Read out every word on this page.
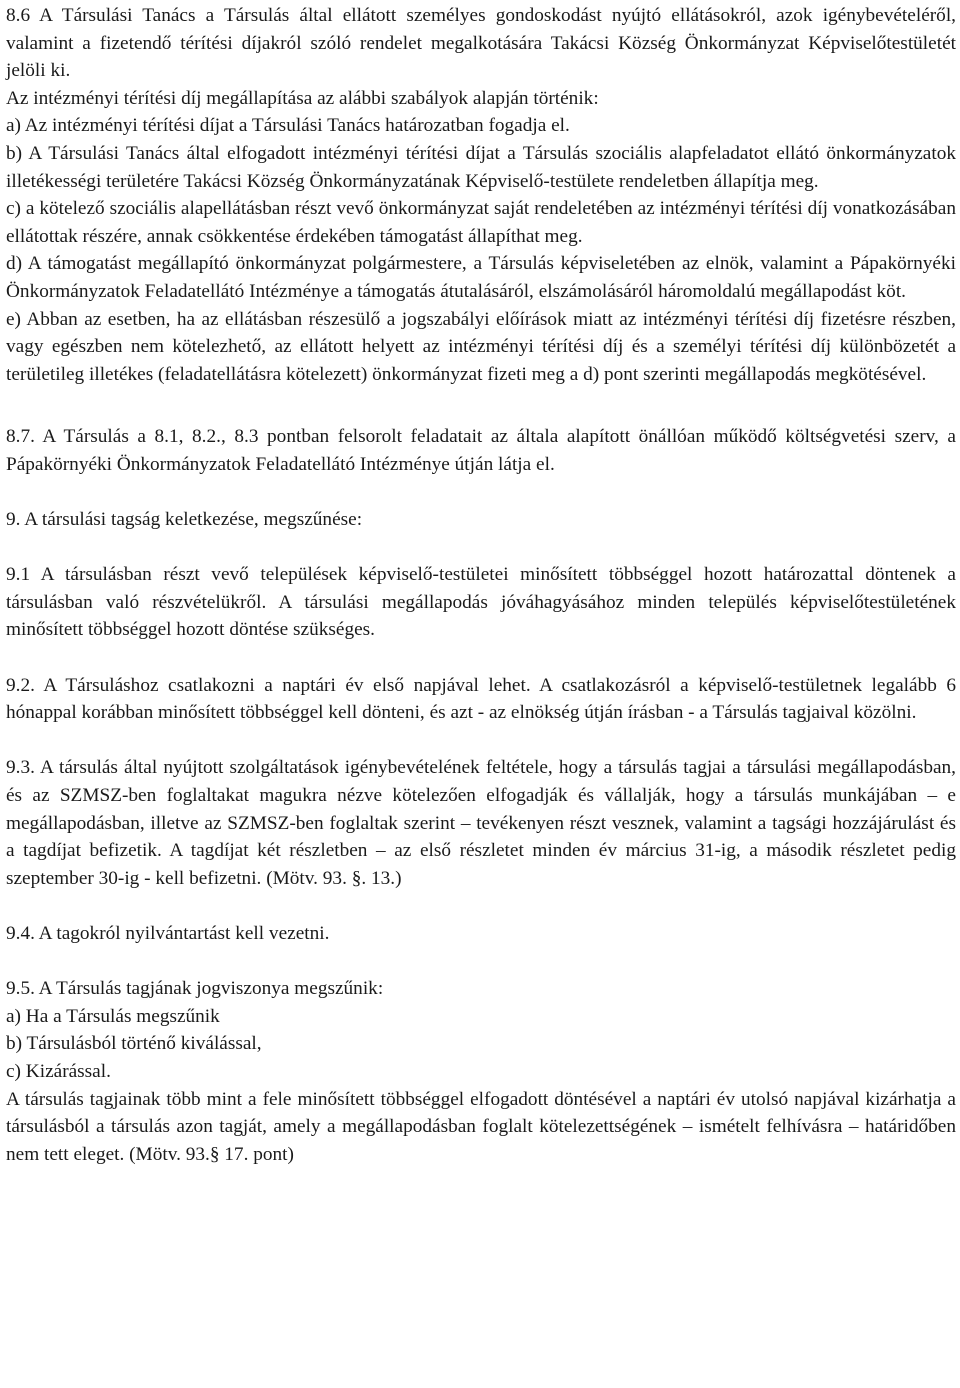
8.6 A Társulási Tanács a Társulás által ellátott személyes gondoskodást nyújtó ellátásokról, azok igénybevételéről, valamint a fizetendő térítési díjakról szóló rendelet megalkotására Takácsi Község Önkormányzat Képviselőtestületét jelöli ki.

Az intézményi térítési díj megállapítása az alábbi szabályok alapján történik:

a) Az intézményi térítési díjat a Társulási Tanács határozatban fogadja el.

b) A Társulási Tanács által elfogadott intézményi térítési díjat a Társulás szociális alapfeladatot ellátó önkormányzatok illetékességi területére Takácsi Község Önkormányzatának Képviselő-testülete rendeletben állapítja meg.

c) a kötelező szociális alapellátásban részt vevő önkormányzat saját rendeletében az intézményi térítési díj vonatkozásában ellátottak részére, annak csökkentése érdekében támogatást állapíthat meg.

d) A támogatást megállapító önkormányzat polgármestere, a Társulás képviseletében az elnök, valamint a Pápakörnyéki Önkormányzatok Feladatellátó Intézménye a támogatás átutalásáról, elszámolásáról háromoldalú megállapodást köt.

e) Abban az esetben, ha az ellátásban részesülő a jogszabályi előírások miatt az intézményi térítési díj fizetésre részben, vagy egészben nem kötelezhető, az ellátott helyett az intézményi térítési díj és a személyi térítési díj különbözetét a területileg illetékes (feladatellátásra kötelezett) önkormányzat fizeti meg a d) pont szerinti megállapodás megkötésével.

8.7. A Társulás a 8.1, 8.2., 8.3 pontban felsorolt feladatait az általa alapított önállóan működő költségvetési szerv, a Pápakörnyéki Önkormányzatok Feladatellátó Intézménye útján látja el.

9. A társulási tagság keletkezése, megszűnése:

9.1 A társulásban részt vevő települések képviselő-testületei minősített többséggel hozott határozattal döntenek a társulásban való részvételükről. A társulási megállapodás jóváhagyásához minden település képviselőtestületének minősített többséggel hozott döntése szükséges.

9.2. A Társuláshoz csatlakozni a naptári év első napjával lehet. A csatlakozásról a képviselő-testületnek legalább 6 hónappal korábban minősített többséggel kell dönteni, és azt - az elnökség útján írásban - a Társulás tagjaival közölni.

9.3. A társulás által nyújtott szolgáltatások igénybevételének feltétele, hogy a társulás tagjai a társulási megállapodásban, és az SZMSZ-ben foglaltakat magukra nézve kötelezően elfogadják és vállalják, hogy a társulás munkájában – e megállapodásban, illetve az SZMSZ-ben foglaltak szerint – tevékenyen részt vesznek, valamint a tagsági hozzájárulást és a tagdíjat befizetik. A tagdíjat két részletben – az első részletet minden év március 31-ig, a második részletet pedig szeptember 30-ig - kell befizetni. (Mötv. 93. §. 13.)

9.4. A tagokról nyilvántartást kell vezetni.

9.5. A Társulás tagjának jogviszonya megszűnik:

a) Ha a Társulás megszűnik

b) Társulásból történő kiválással,

c) Kizárással.

A társulás tagjainak több mint a fele minősített többséggel elfogadott döntésével a naptári év utolsó napjával kizárhatja a társulásból a társulás azon tagját, amely a megállapodásban foglalt kötelezettségének – ismételt felhívásra – határidőben nem tett eleget. (Mötv. 93.§ 17. pont)
